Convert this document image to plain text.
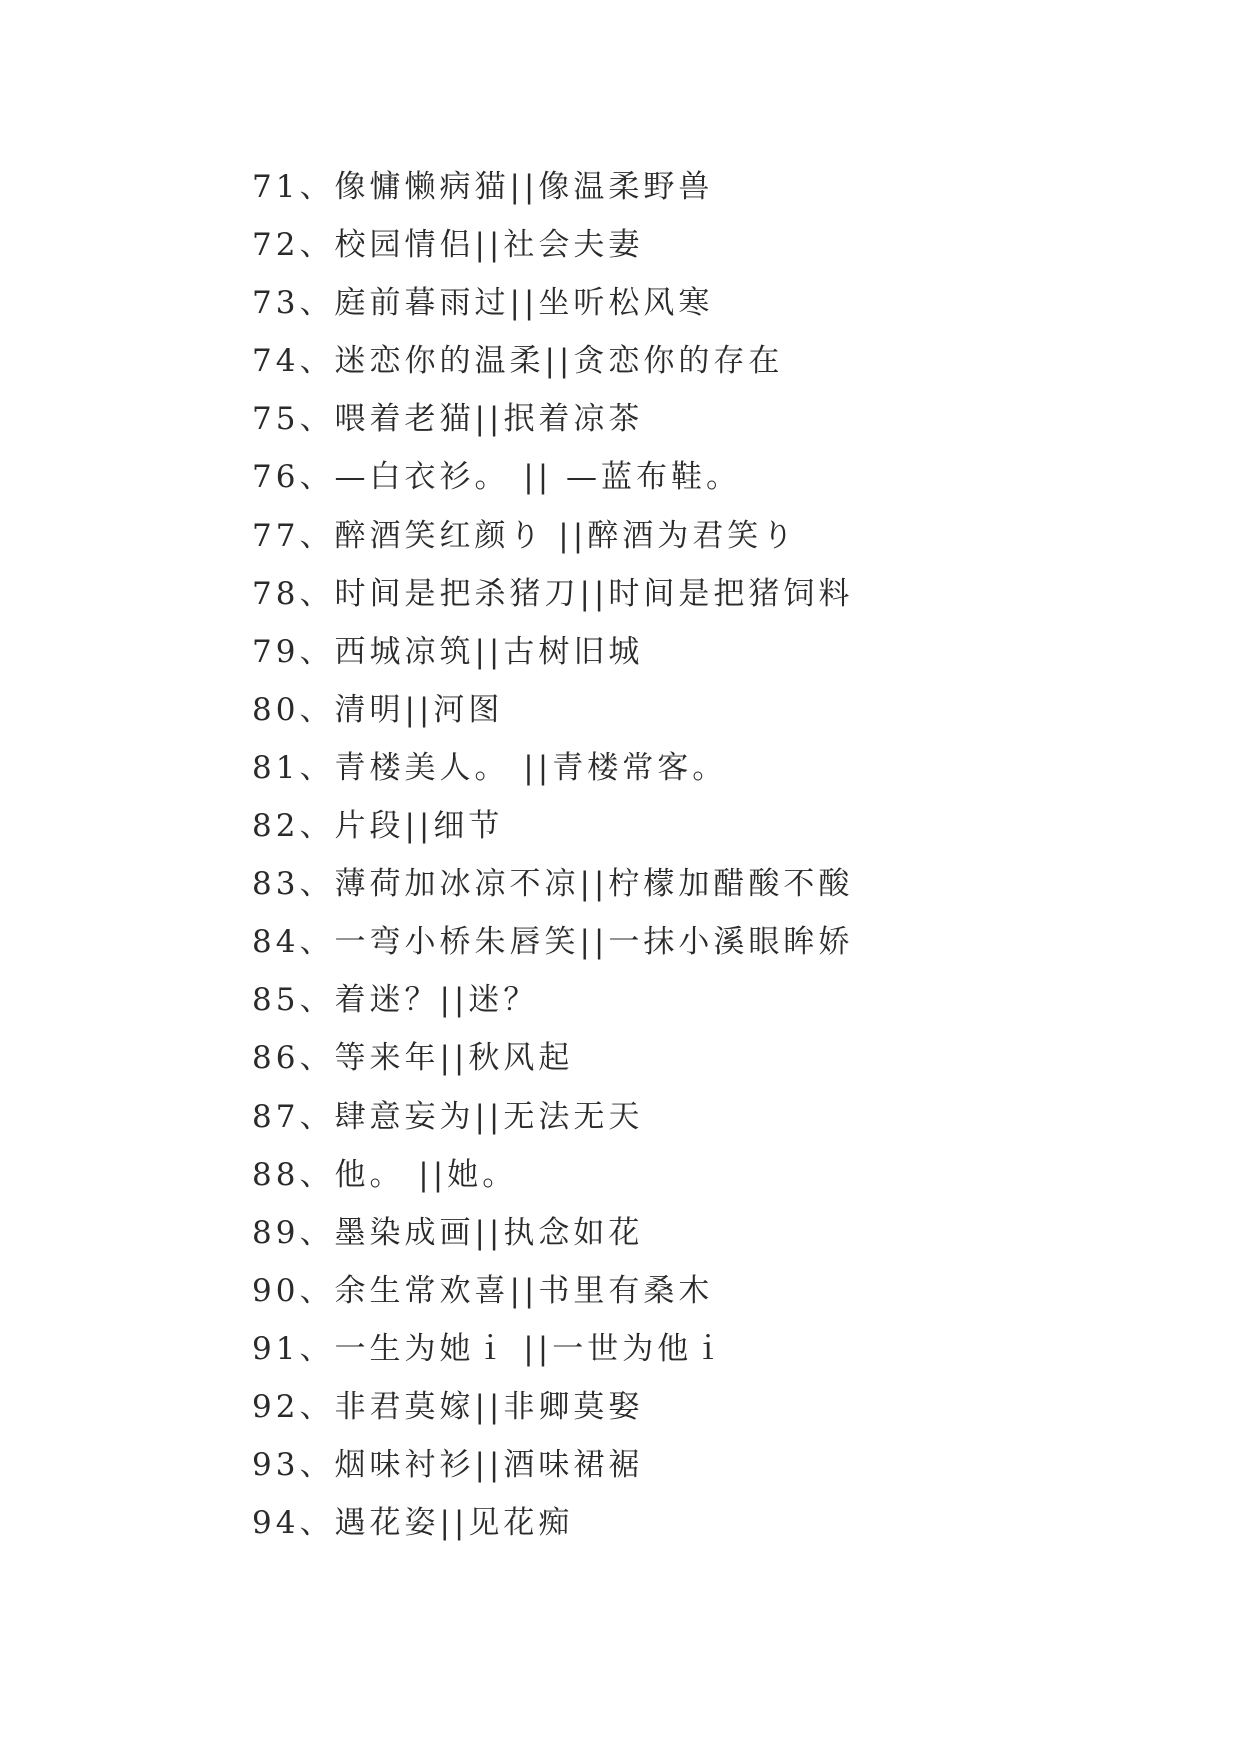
71、像慵懒病猫||像温柔野兽
72、校园情侣||社会夫妻
73、庭前暮雨过||坐听松风寒
74、迷恋你的温柔||贪恋你的存在
75、喂着老猫||抿着凉茶
76、—白衣衫。 || —蓝布鞋。
77、醉酒笑红颜り ||醉酒为君笑り
78、时间是把杀猪刀||时间是把猪饲料
79、西城凉筑||古树旧城
80、清明||河图
81、青楼美人。 ||青楼常客。
82、片段||细节
83、薄荷加冰凉不凉||柠檬加醋酸不酸
84、一弯小桥朱唇笑||一抹小溪眼眸娇
85、着迷？||迷？
86、等来年||秋风起
87、肆意妄为||无法无天
88、他。 ||她。
89、墨染成画||执念如花
90、余生常欢喜||书里有桑木
91、一生为她ｉ ||一世为他ｉ
92、非君莫嫁||非卿莫娶
93、烟味衬衫||酒味裙裾
94、遇花姿||见花痴
